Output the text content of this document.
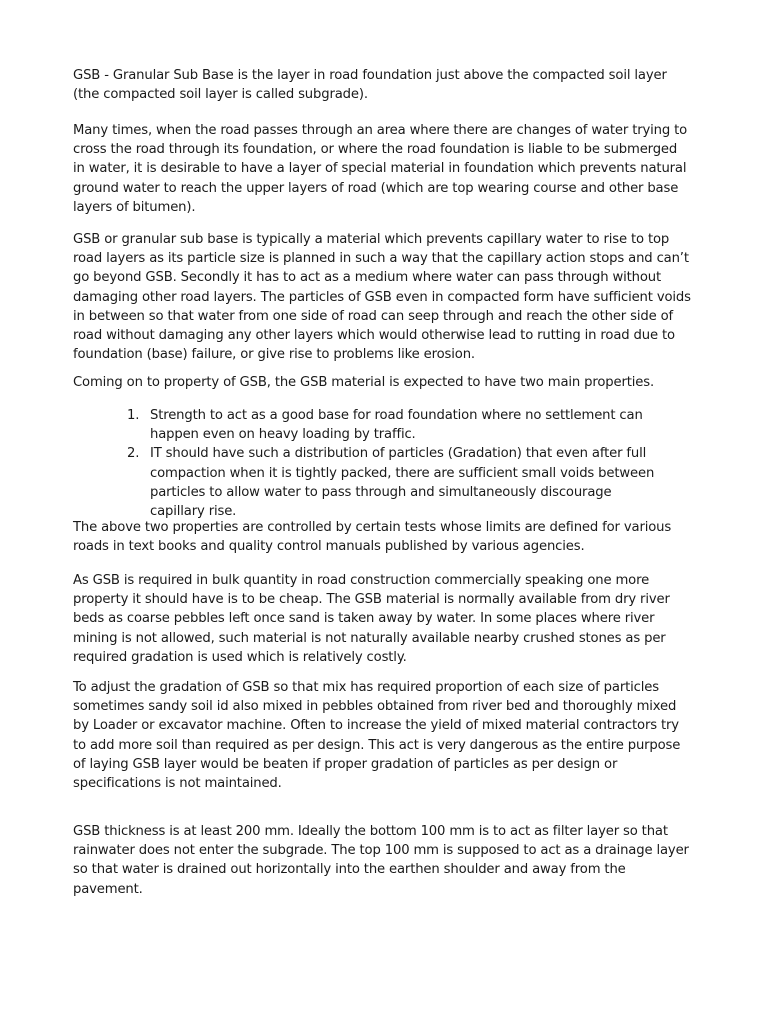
GSB - Granular Sub Base is the layer in road foundation just above the compacted soil layer

(the compacted soil layer is called subgrade).

Many times, when the road passes through an area where there are changes of water trying to

cross the road through its foundation, or where the road foundation is liable to be submerged

in water, it is desirable to have a layer of special material in foundation which prevents natural

ground water to reach the upper layers of road (which are top wearing course and other base

layers of bitumen).

GSB or granular sub base is typically a material which prevents capillary water to rise to top

road layers as its particle size is planned in such a way that the capillary action stops and can’t

go beyond GSB. Secondly it has to act as a medium where water can pass through without

damaging other road layers. The particles of GSB even in compacted form have sufficient voids

in between so that water from one side of road can seep through and reach the other side of

road without damaging any other layers which would otherwise lead to rutting in road due to

foundation (base) failure, or give rise to problems like erosion.

Coming on to property of GSB, the GSB material is expected to have two main properties.

1. Strength to act as a good base for road foundation where no settlement can

happen even on heavy loading by traffic.

2. IT should have such a distribution of particles (Gradation) that even after full

compaction when it is tightly packed, there are sufficient small voids between

particles to allow water to pass through and simultaneously discourage

capillary rise.

The above two properties are controlled by certain tests whose limits are defined for various

roads in text books and quality control manuals published by various agencies.

As GSB is required in bulk quantity in road construction commercially speaking one more

property it should have is to be cheap. The GSB material is normally available from dry river

beds as coarse pebbles left once sand is taken away by water. In some places where river

mining is not allowed, such material is not naturally available nearby crushed stones as per

required gradation is used which is relatively costly.

To adjust the gradation of GSB so that mix has required proportion of each size of particles

sometimes sandy soil id also mixed in pebbles obtained from river bed and thoroughly mixed

by Loader or excavator machine. Often to increase the yield of mixed material contractors try

to add more soil than required as per design. This act is very dangerous as the entire purpose

of laying GSB layer would be beaten if proper gradation of particles as per design or

specifications is not maintained.

GSB thickness is at least 200 mm. Ideally the bottom 100 mm is to act as filter layer so that

rainwater does not enter the subgrade. The top 100 mm is supposed to act as a drainage layer

so that water is drained out horizontally into the earthen shoulder and away from the

pavement.
